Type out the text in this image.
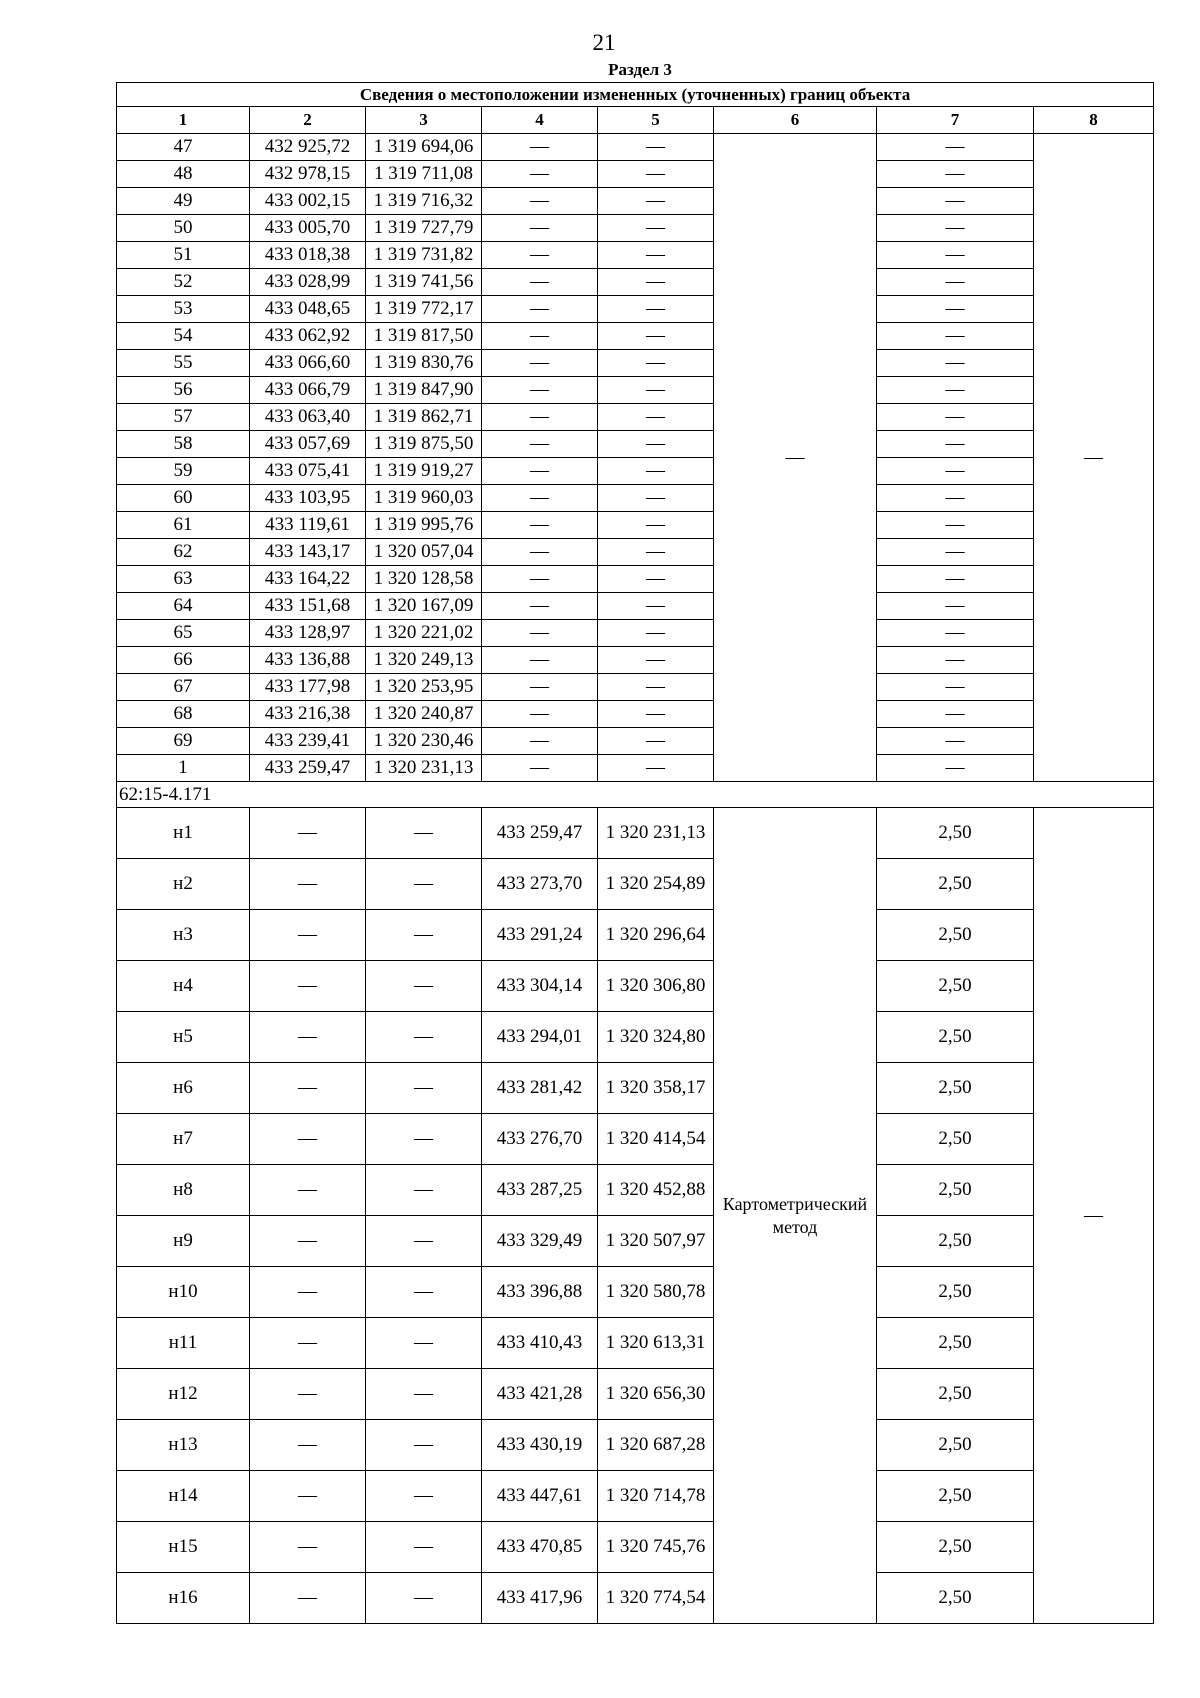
21
Раздел 3
Сведения о местоположении измененных (уточненных) границ объекта							
1	2	3	4	5	6	7	8
47	432 925,72	1 319 694,06	—	—	—	—	—
48	432 978,15	1 319 711,08	—	—		—	
49	433 002,15	1 319 716,32	—	—		—	
50	433 005,70	1 319 727,79	—	—		—	
51	433 018,38	1 319 731,82	—	—		—	
52	433 028,99	1 319 741,56	—	—		—	
53	433 048,65	1 319 772,17	—	—		—	
54	433 062,92	1 319 817,50	—	—		—	
55	433 066,60	1 319 830,76	—	—		—	
56	433 066,79	1 319 847,90	—	—		—	
57	433 063,40	1 319 862,71	—	—		—	
58	433 057,69	1 319 875,50	—	—		—	
59	433 075,41	1 319 919,27	—	—		—	
60	433 103,95	1 319 960,03	—	—		—	
61	433 119,61	1 319 995,76	—	—		—	
62	433 143,17	1 320 057,04	—	—		—	
63	433 164,22	1 320 128,58	—	—		—	
64	433 151,68	1 320 167,09	—	—		—	
65	433 128,97	1 320 221,02	—	—		—	
66	433 136,88	1 320 249,13	—	—		—	
67	433 177,98	1 320 253,95	—	—		—	
68	433 216,38	1 320 240,87	—	—		—	
69	433 239,41	1 320 230,46	—	—		—	
1	433 259,47	1 320 231,13	—	—		—	
62:15-4.171							
н1	—	—	433 259,47	1 320 231,13	Картометрический метод	2,50	—
н2	—	—	433 273,70	1 320 254,89		2,50	
н3	—	—	433 291,24	1 320 296,64		2,50	
н4	—	—	433 304,14	1 320 306,80		2,50	
н5	—	—	433 294,01	1 320 324,80		2,50	
н6	—	—	433 281,42	1 320 358,17		2,50	
н7	—	—	433 276,70	1 320 414,54		2,50	
н8	—	—	433 287,25	1 320 452,88		2,50	
н9	—	—	433 329,49	1 320 507,97		2,50	
н10	—	—	433 396,88	1 320 580,78		2,50	
н11	—	—	433 410,43	1 320 613,31		2,50	
н12	—	—	433 421,28	1 320 656,30		2,50	
н13	—	—	433 430,19	1 320 687,28		2,50	
н14	—	—	433 447,61	1 320 714,78		2,50	
н15	—	—	433 470,85	1 320 745,76		2,50	
н16	—	—	433 417,96	1 320 774,54		2,50	
